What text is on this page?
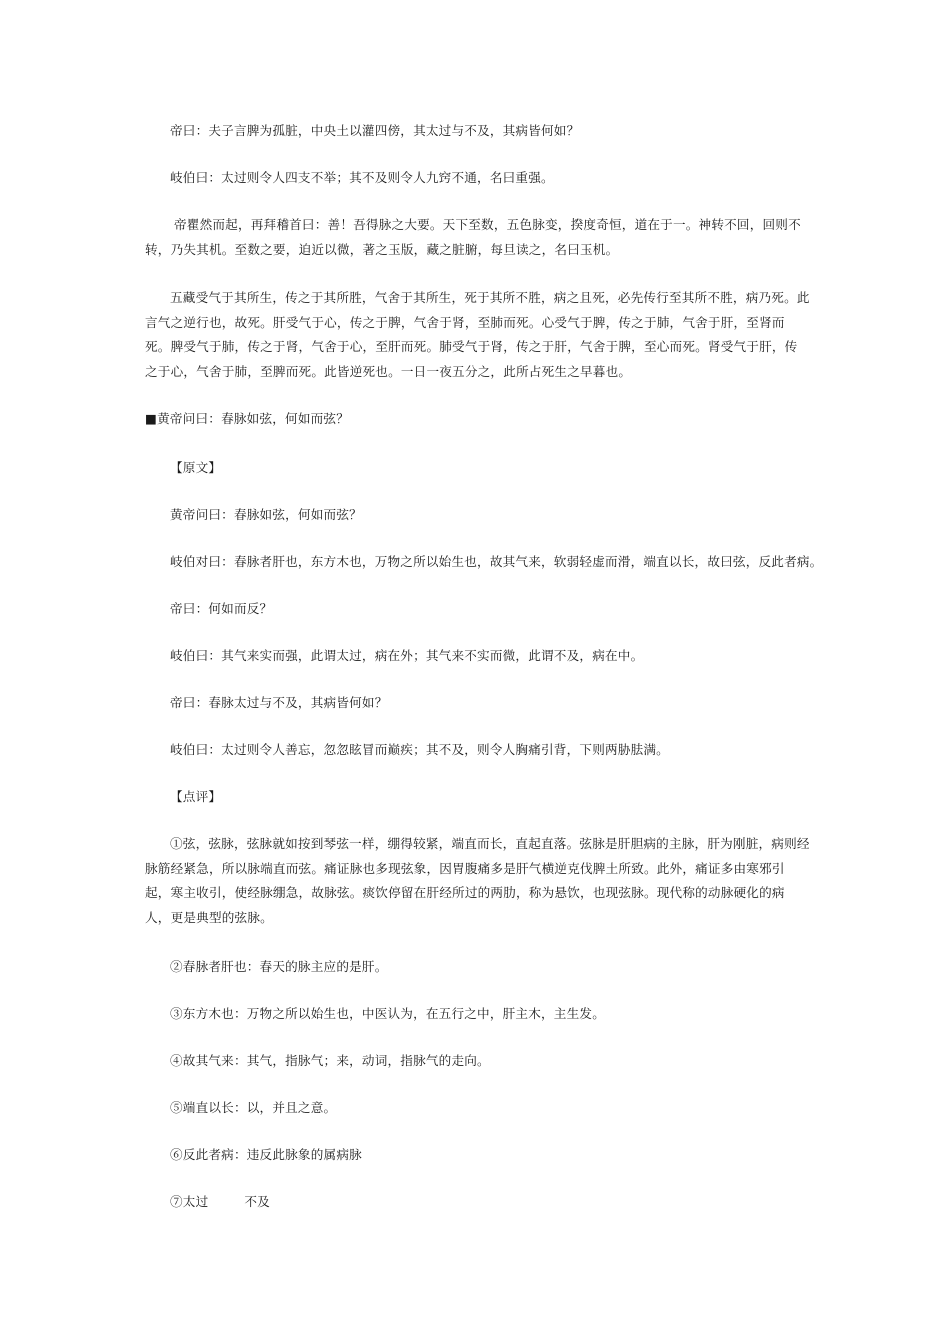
帝曰：夫子言脾为孤脏，中央土以灌四傍，其太过与不及，其病皆何如？

岐伯曰：太过则令人四支不举；其不及则令人九窍不通，名曰重强。

帝瞿然而起，再拜稽首曰：善！吾得脉之大要。天下至数，五色脉变，揆度奇恒，道在于一。神转不回，回则不转，乃失其机。至数之要，迫近以微，著之玉版，藏之脏腑，每旦读之，名曰玉机。

五藏受气于其所生，传之于其所胜，气舍于其所生，死于其所不胜，病之且死，必先传行至其所不胜，病乃死。此言气之逆行也，故死。肝受气于心，传之于脾，气舍于肾，至肺而死。心受气于脾，传之于肺，气舍于肝，至肾而死。脾受气于肺，传之于肾，气舍于心，至肝而死。肺受气于肾，传之于肝，气舍于脾，至心而死。肾受气于肝，传之于心，气舍于肺，至脾而死。此皆逆死也。一日一夜五分之，此所占死生之早暮也。

■黄帝问曰：春脉如弦，何如而弦？

【原文】

黄帝问曰：春脉如弦，何如而弦？

岐伯对曰：春脉者肝也，东方木也，万物之所以始生也，故其气来，软弱轻虚而滑，端直以长，故曰弦，反此者病。

帝曰：何如而反？

岐伯曰：其气来实而强，此谓太过，病在外；其气来不实而微，此谓不及，病在中。

帝曰：春脉太过与不及，其病皆何如？

岐伯曰：太过则令人善忘，忽忽眩冒而巅疾；其不及，则令人胸痛引背，下则两胁胠满。

【点评】

①弦，弦脉，弦脉就如按到琴弦一样，绷得较紧，端直而长，直起直落。弦脉是肝胆病的主脉，肝为刚脏，病则经脉筋经紧急，所以脉端直而弦。痛证脉也多现弦象，因胃腹痛多是肝气横逆克伐脾土所致。此外，痛证多由寒邪引起，寒主收引，使经脉绷急，故脉弦。痰饮停留在肝经所过的两肋，称为悬饮，也现弦脉。现代称的动脉硬化的病人，更是典型的弦脉。

②春脉者肝也：春天的脉主应的是肝。

③东方木也：万物之所以始生也，中医认为，在五行之中，肝主木，主生发。

④故其气来：其气，指脉气；来，动词，指脉气的走向。

⑤端直以长：以，并且之意。

⑥反此者病：违反此脉象的属病脉

⑦太过	不及
